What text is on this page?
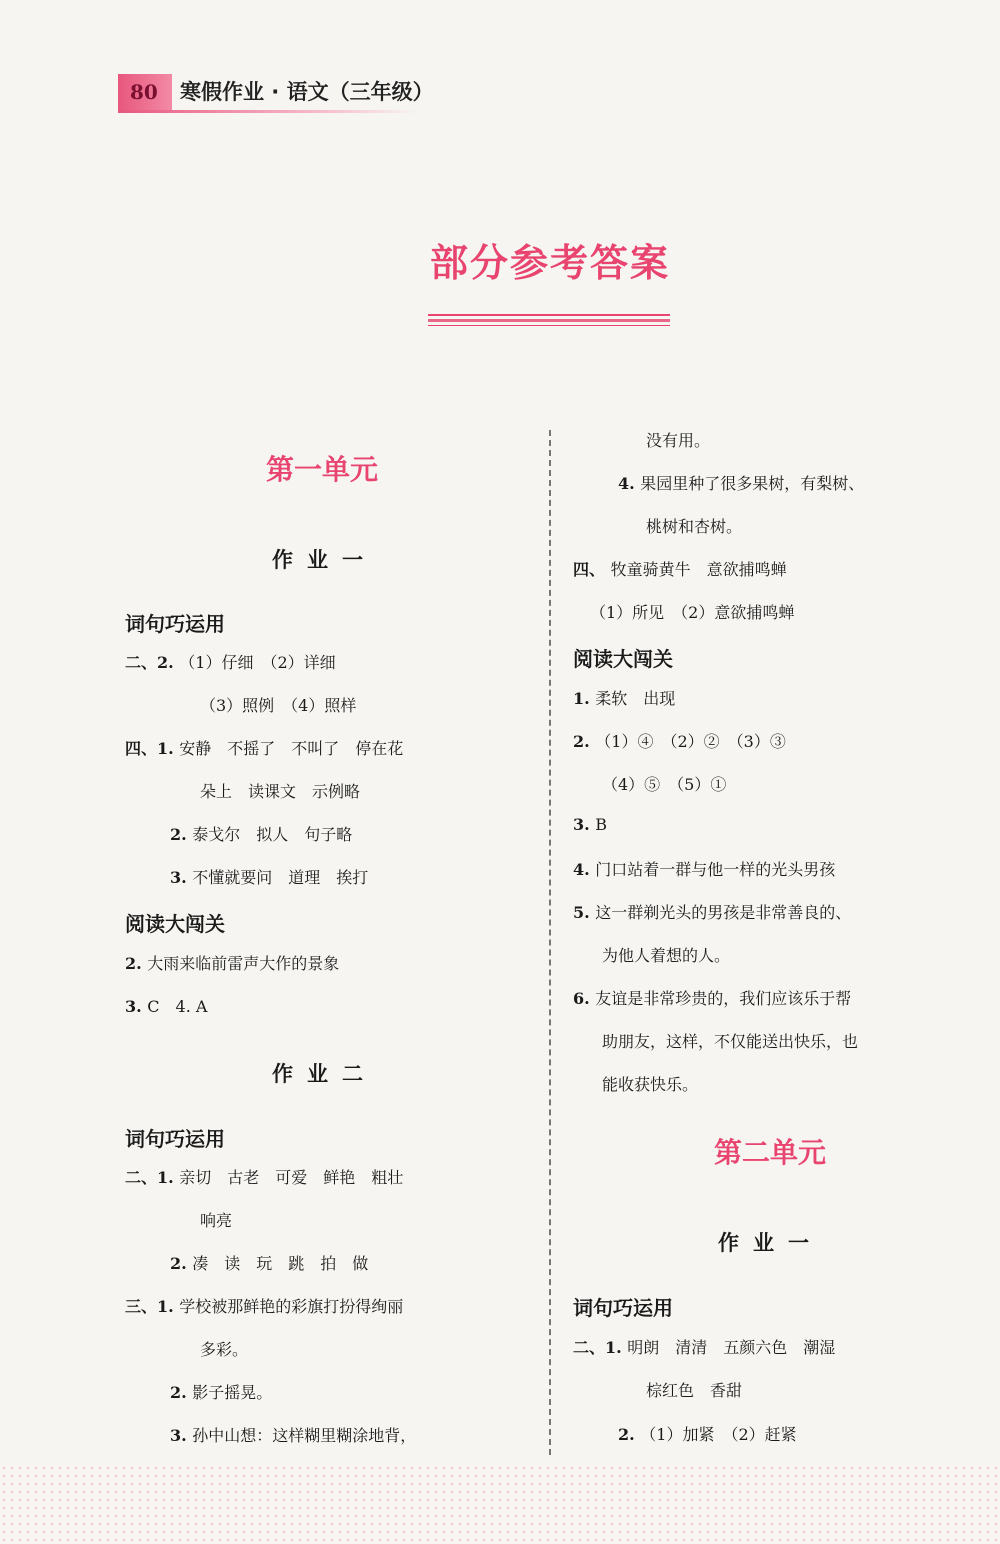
80	寒假作业 · 语文（三年级）
部分参考答案
第一单元
作业一
词句巧运用
二、2. （1）仔细　（2）详细
（3）照例　（4）照样
四、1. 安静　不摇了　不叫了　停在花
朵上　读课文　示例略
2. 泰戈尔　拟人　句子略
3. 不懂就要问　道理　挨打
阅读大闯关
2. 大雨来临前雷声大作的景象
3. C　4. A
作业二
词句巧运用
二、1. 亲切　古老　可爱　鲜艳　粗壮
响亮
2. 凑　读　玩　跳　拍　做
三、1. 学校被那鲜艳的彩旗打扮得绚丽
多彩。
2. 影子摇晃。
3. 孙中山想：这样糊里糊涂地背，
没有用。
4. 果园里种了很多果树，有梨树、
桃树和杏树。
四、 牧童骑黄牛　意欲捕鸣蝉
（1）所见　（2）意欲捕鸣蝉
阅读大闯关
1. 柔软　出现
2. （1）④　（2）②　（3）③
（4）⑤　（5）①
3. B
4. 门口站着一群与他一样的光头男孩
5. 这一群剃光头的男孩是非常善良的、
为他人着想的人。
6. 友谊是非常珍贵的，我们应该乐于帮
助朋友，这样，不仅能送出快乐，也
能收获快乐。
第二单元
作业一
词句巧运用
二、1. 明朗　清清　五颜六色　潮湿
棕红色　香甜
2. （1）加紧　（2）赶紧
